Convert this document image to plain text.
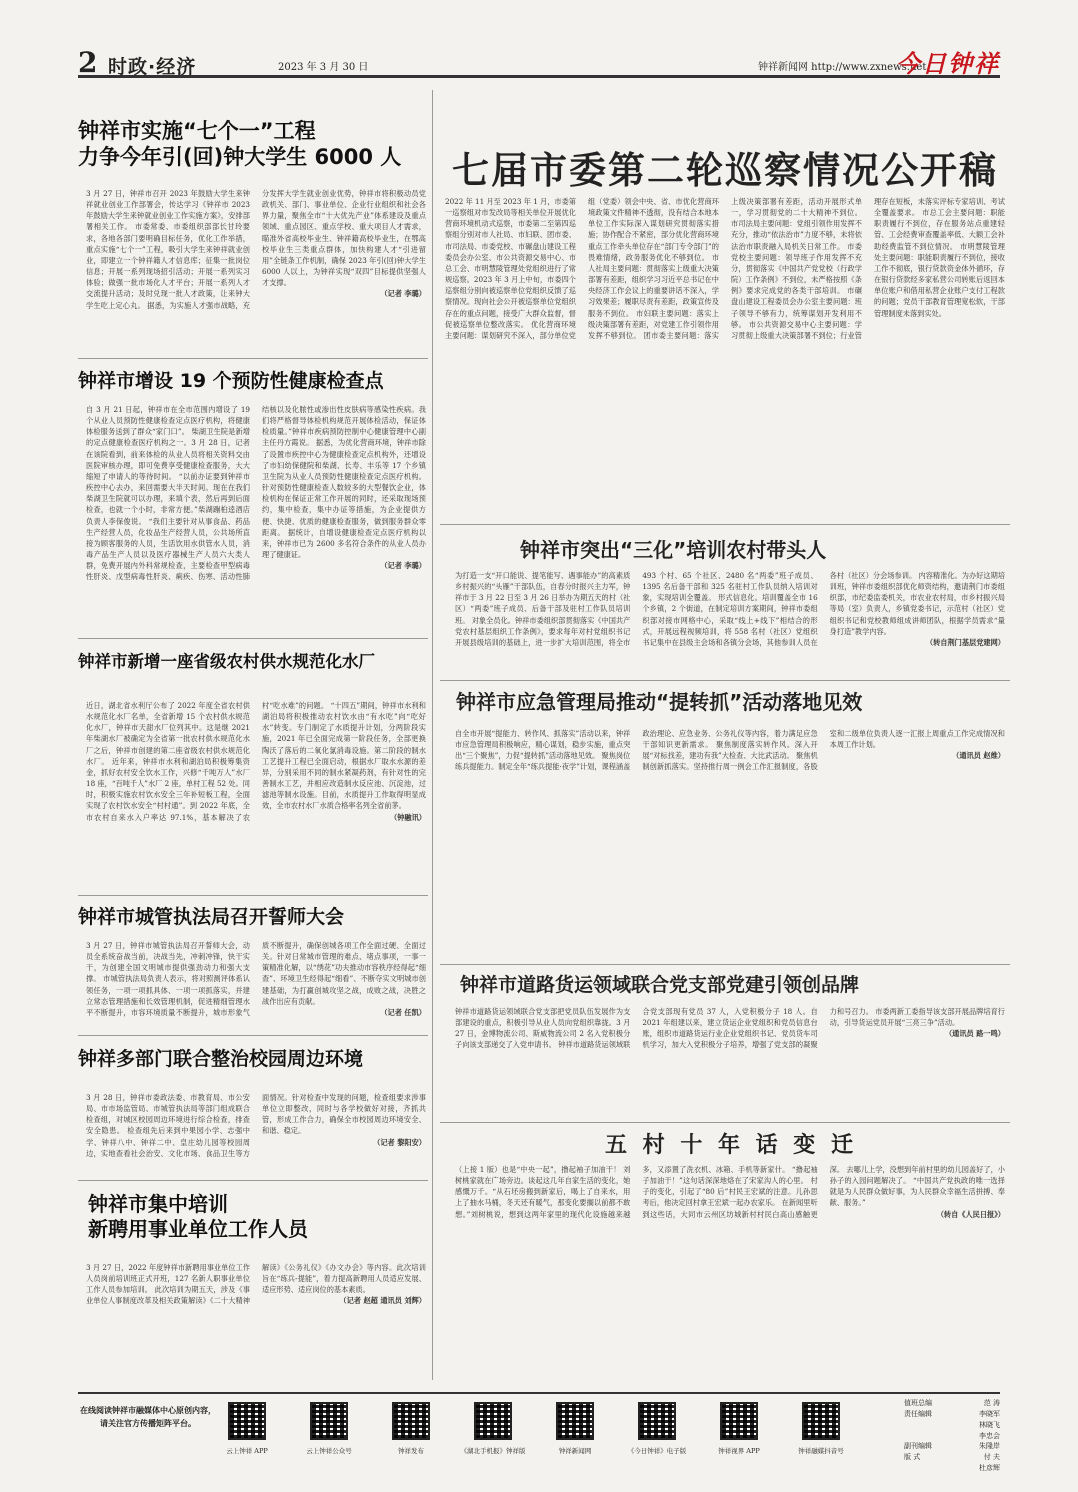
2 时政·经济	2023 年 3 月 30 日	钟祥新闻网 http://www.zxnews.net
今日钟祥
钟祥市实施“七个一”工程
力争今年引(回)钟大学生 6000 人
3 月 27 日，钟祥市召开 2023 年鼓励大学生来钟祥就业创业工作部署会，传达学习《钟祥市 2023 年鼓励大学生来钟就业创业工作实施方案》，安排部署相关工作。 市委常委、市委组织部部长甘玲要求，各地各部门要明确目标任务，优化工作举措，重点实施“七个一”工程，吸引大学生来钟祥就业创业，即建立一个钟祥籍人才信息库；征集一批岗位信息；开展一系列现场招引活动；开展一系列实习体验；做强一批市场化人才平台；开展一系列人才交流提升活动；及时兑现一批人才政策，让来钟大学生吃上定心丸。 据悉，为实施人才强市战略，充分发挥大学生就业创业优势，钟祥市将积极动员党政机关、部门、事业单位、企业行业组织和社会各界力量，聚焦全市“十大优先产业”体系建设及重点领域、重点园区、重点学校、重大项目人才需求，瞄准外省高校毕业生、钟祥籍高校毕业生，在鄂高校毕业生三类重点群体，加快构建人才“引进留用”全链条工作机制，确保 2023 年引(回)钟大学生 6000 人以上，为钟祥实现“双四”目标提供坚强人才支撑。
（记者 李璐）
钟祥市增设 19 个预防性健康检查点
自 3 月 21 日起，钟祥市在全市范围内增设了 19 个从业人员预防性健康检查定点医疗机构，将健康体检服务送到了群众“家门口”。 柴湖卫生院是新增的定点健康检查医疗机构之一。3 月 28 日，记者在该院看到，前来体检的从业人员将相关资料交由医院审核办理，即可免费享受健康检查服务，大大缩短了申请人的等待时间。 “以前办证要到钟祥市疾控中心去办，来回需要大半天时间。现在在我们柴湖卫生院就可以办理，来填个表，然后再到后面检查，也就一个小时，非常方便。”柴湖蹦桕逵酒店负责人李保俊说。 “我们主要针对从事食品、药品生产经营人员，化妆品生产经营人员，公共场所直接为顾客服务的人员，生活饮用水供管水人员，消毒产品生产人员以及医疗器械生产人员六大类人群，免费开展内外科常规检查，主要检查甲型病毒性肝炎、戊型病毒性肝炎、痢疾、伤寒、活动性肺结核以及化脓性或渗出性皮肤病等感染性疾病。我们将严格督导体检机构规范开展体检活动，保证体检质量。”钟祥市疾病预防控制中心健康管理中心副主任丹方霞说。 据悉，为优化营商环境，钟祥市除了设置市疾控中心为健康检查定点机构外，还增设了市妇幼保健院和柴湖、长寿、丰乐等 17 个乡镇卫生院为从业人员预防性健康检查定点医疗机构。针对预防性健康检查人数较多的大型餐饮企业，体检机构在保证正常工作开展的同时，还采取现场预约，集中检查，集中办证等措施，为企业提供方便、快捷、优质的健康检查服务，做到服务群众零距离。 据统计，自增设健康检查定点医疗机构以来，钟祥市已为 2600 多名符合条件的从业人员办理了健康证。
（记者 李璐）
钟祥市新增一座省级农村供水规范化水厂
近日，湖北省水利厅公布了 2022 年度全省农村供水规范化水厂名单，全省新增 15 个农村供水规范化水厂，钟祥市天甜水厂位列其中。这是继 2021 年柴湖水厂被确定为全省第一批农村供水规范化水厂之后，钟祥市创建的第二座省级农村供水规范化水厂。 近年来，钟祥市水利和湖泊局积极筹集资金，抓好农村安全饮水工作，兴修“千吨万人”水厂 18 座，“百吨千人”水厂 2 座，单村工程 52 处。同时，积极实施农村饮水安全三年补短板工程，全面实现了农村饮水安全“村村通”。到 2022 年底，全市农村自来水入户率达 97.1%，基本解决了农村“吃水难”的问题。 “十四五”期间，钟祥市水利和湖泊局将积极推动农村饮水由“有水吃”向“吃好水”转变。专门制定了水质提升计划，分两阶段实施，2021 年已全面完成第一阶段任务，全部更换陶沃了落后的二氧化氯消毒设施。第二阶段的制水工艺提升工程已全面启动，根据水厂取水水源的差异，分别采用不同的制水紧凝药剂，有针对性的完善制水工艺，并相应改造制水反应池、沉淀池，过滤池等制水设施。目前，水质提升工作取得明显成效，全市农村水厂水质合格率名列全省前茅。
（钟融讯）
钟祥市城管执法局召开誓师大会
3 月 27 日，钟祥市城管执法局召开誓师大会，动员全系统奋战当前，决战当先，冲刺冲锋，快干实干，为创建全国文明城市提供强劲动力和强大支撑。 市城管执法局负责人表示，将对照测评体系认领任务，一项一项抓具体、一项一项抓落实，并建立常态管理措施和长效管理机制，促进精细管理水平不断提升，市容环境质量不断提升，城市形象气质不断提升，确保创城各项工作全面过硬、全面过关。针对日常城市管理的难点、堵点事项，一事一策精准化解，以“绣花”功夫推动市容秩序经得起“细查”、环境卫生经得起“细看”、不断夺实文明城市创建基础，为打赢创城攻坚之战，成败之战，决胜之战作出应有贡献。
（记者 任凯）
钟祥多部门联合整治校园周边环境
3 月 28 日，钟祥市委政法委、市教育局、市公安局、市市场监管局、市城管执法局等部门组成联合检查组，对城区校园周边环境进行综合检查，排查安全隐患。 检查组先后来到中果园小学、志强中学、钟祥八中、钟祥二中、皇庄幼儿园等校园周边，实地查看社会治安、文化市场、食品卫生等方面情况。针对检查中发现的问题，检查组要求涉事单位立即整改，同时与各学校做好对接，齐抓共管，形成工作合力，确保全市校园周边环境安全、和谐、稳定。
（记者 黎阳安）
钟祥市集中培训
新聘用事业单位工作人员
3 月 27 日，2022 年度钟祥市新聘用事业单位工作人员岗前培训班正式开班，127 名新人职事业单位工作人员参加培训。 此次培训为期五天，涉及《事业单位人事制度改革及相关政策解读》《二十大精神解读》《公务礼仪》《办文办会》等内容。此次培训旨在“练兵-提能”，着力提高新聘用人员适应发展、适应形势、适应岗位的基本素质。
（记者 赵超 通讯员 刘辉）
七届市委第二轮巡察情况公开稿
2022 年 11 月至 2023 年 1 月，市委第一巡察组对市发改局等相关单位开展优化营商环境机动式巡察，市委第二至第四巡察组分别对市人社局、市妇联、团市委、市司法局、市委党校、市碾盘山建设工程委员会办公室、市公共资源交易中心、市总工会、市明慧陵管理处党组织进行了常规巡察。2023 年 3 月上中旬，市委四个巡察组分别向被巡察单位党组织反馈了巡察情况。现向社会公开被巡察单位党组织存在的重点问题，接受广大群众监督，督促被巡察单位整改落实。 优化营商环境主要问题：谋划研究不深入，部分单位党组（党委）领会中央、省、市优化营商环境政策文件精神不透彻，没有结合本地本单位工作实际深入谋划研究贯彻落实措施；协作配合不紧密，部分优化营商环境重点工作牵头单位存在“部门专令部门”的畏难情绪，政务服务优化不够到位。 市人社局主要问题：贯彻落实上级重大决策部署有差距，组织学习习近平总书记在中央经济工作会议上的重要讲话不深入，学习效果差；履职尽责有差距，政策宣传及服务不到位。 市妇联主要问题：落实上级决策部署有差距，对党建工作引领作用发挥不够到位。 团市委主要问题：落实上级决策部署有差距，活动开展形式单一，学习贯彻党的二十大精神不到位。 市司法局主要问题：党组引领作用发挥不充分，推动“依法治市”力度不够，未将依法治市职责融入局机关日常工作。 市委党校主要问题：领导班子作用发挥不充分，贯彻落实《中国共产党党校（行政学院）工作条例》不到位，未严格按照《条例》要求完成党的各类干部培训。 市碾盘山建设工程委员会办公室主要问题：班子领导不够有力，统筹谋划开发利用不够。 市公共资源交易中心主要问题：学习贯彻上级重大决策部署不到位；行业管理存在短板，未落实评标专家培训、考试全覆盖要求。 市总工会主要问题：职能职责履行不到位，存在服务站点重建轻管、工会经费审查覆盖率低、大额工会补助经费监管不到位情况。 市明慧陵管理处主要问题：职能职责履行不到位，接收工作不彻底，银行贷款资金体外循环，存在银行贷款经多家私营公司转账后返回本单位账户和借用私营企业账户支付工程款的问题；党员干部教育管理宽松软，干部管理制度未落到实处。
钟祥市突出“三化”培训农村带头人
为打造一支“开口能说、提笔能写、遇事能办”的高素质乡村振兴的“头雁”干部队伍，自春分时报兴主力军，钟祥市于 3 月 22 日至 3 月 26 日举办为期五天的村（社区）“两委”班子成员、后备干部及驻村工作队员培训班。 对象全员化。钟祥市委组织部贯彻落实《中国共产党农村基层组织工作条例》，要求每年对村党组织书记开展县级培训的基础上，进一步扩大培训范围，将全市 493 个村、65 个社区、2480 名“两委”班子成员、1395 名后备干部和 325 名驻村工作队员纳入培训对象，实现培训全覆盖。 形式信息化。培训覆盖全市 16 个乡镇，2 个街道，在制定培训方案期间，钟祥市委组织部对接市网格中心，采取“线上+线下”相结合的形式，开展远程视频培训，将 558 名村（社区）党组织书记集中在县级主会场和各镇分会场，其他参训人员在各村（社区）分会场参训。 内容精准化。为办好这期培训班，钟祥市委组织部优化师资结构，邀请荆门市委组织部，市纪委监委机关，市农业农村局，市乡村振兴局等局（室）负责人，乡镇党委书记，示范村（社区）党组织书记和党校教师组成讲师团队，根据学员需求“量身打造”教学内容。
（转自荆门基层党建网）
钟祥市应急管理局推动“提转抓”活动落地见效
自全市开展“提能力、转作风、抓落实”活动以来，钟祥市应急管理局积极响应，精心谋划，稳步实施，重点突出“三个聚焦”，力促“提转抓”活动落地见效。 聚焦岗位练兵提能力。制定全年“练兵提能·夜学”计划，课程涵盖政治理论、应急业务、公务礼仪等内容，着力满足应急干部知识更新需求。 聚焦制度落实转作风。深入开展“对标找差，建功有我”大检查、大比武活动。 聚焦机制创新抓落实。坚持推行周一例会工作汇报制度，各股室和二级单位负责人逐一汇报上周重点工作完成情况和本周工作计划。
（通讯员 赵维）
钟祥市道路货运领域联合党支部党建引领创品牌
钟祥市道路货运领域联合党支部把党员队伍发展作为支部建设的重点，积极引导从业人员向党组织靠拢。3 月 27 日，金博物流公司、斯威物流公司 2 名入党积极分子向该支部递交了入党申请书。 钟祥市道路货运领域联合党支部现有党员 37 人，入党积极分子 18 人。自 2021 年组建以来，建立货运企业党组织和党员信息台账，组织市道路货运行业企业党组织书记、党员货车司机学习，加大入党积极分子培养，增强了党支部的凝聚力和号召力。 市委两新工委指导该支部开展品牌培育行动，引导货运党员开展“三亮三争”活动。
（通讯员 路一鸣）
五 村 十 年 话 变 迁
（上接 1 版）也是“中央一起”，撸起袖子加油干！ 刘树桃家就在广场旁边。谈起这几年自家生活的变化，她感慨万千。“从石坯房搬到新家后，喝上了自来水，用上了抽水马桶，冬天还有暖气，那变化要搁以前都不敢想。”刘树桃说，想到这两年家里的现代化设施越来越多，又添置了洗衣机、冰箱、手机等新家什。 “撸起袖子加油干！”这句话深深地烙在了宋家沟人的心里。 村子的变化，引起了“80 后”村民王宏斌的注意。儿孙思考后，他决定回村拿王宏斌一起办农家乐。 在新闻里听到这些话，大同市云州区坊城新村村民白高山感触更深。 去哪儿上学，没想到年前村里的幼儿园盖好了，小孙子的入园问题解决了。 “中国共产党执政的唯一选择就是为人民群众做好事，为人民群众幸福生活拼搏、奉献、服务。”
（转自《人民日报》）
在线阅读钟祥市融媒体中心原创内容，请关注官方传播矩阵平台。
云上钟祥 APP	云上钟祥公众号	钟祥发布	《湖北手机报》钟祥版	钟祥新闻网	《今日钟祥》电子版	钟祥视界 APP	钟祥融媒抖音号
值班总编	范 涛
责任编辑	李晓军
林晓飞
李忠会
副刊编辑	朱隆岸
版 式	付 夫
杜彦辉
